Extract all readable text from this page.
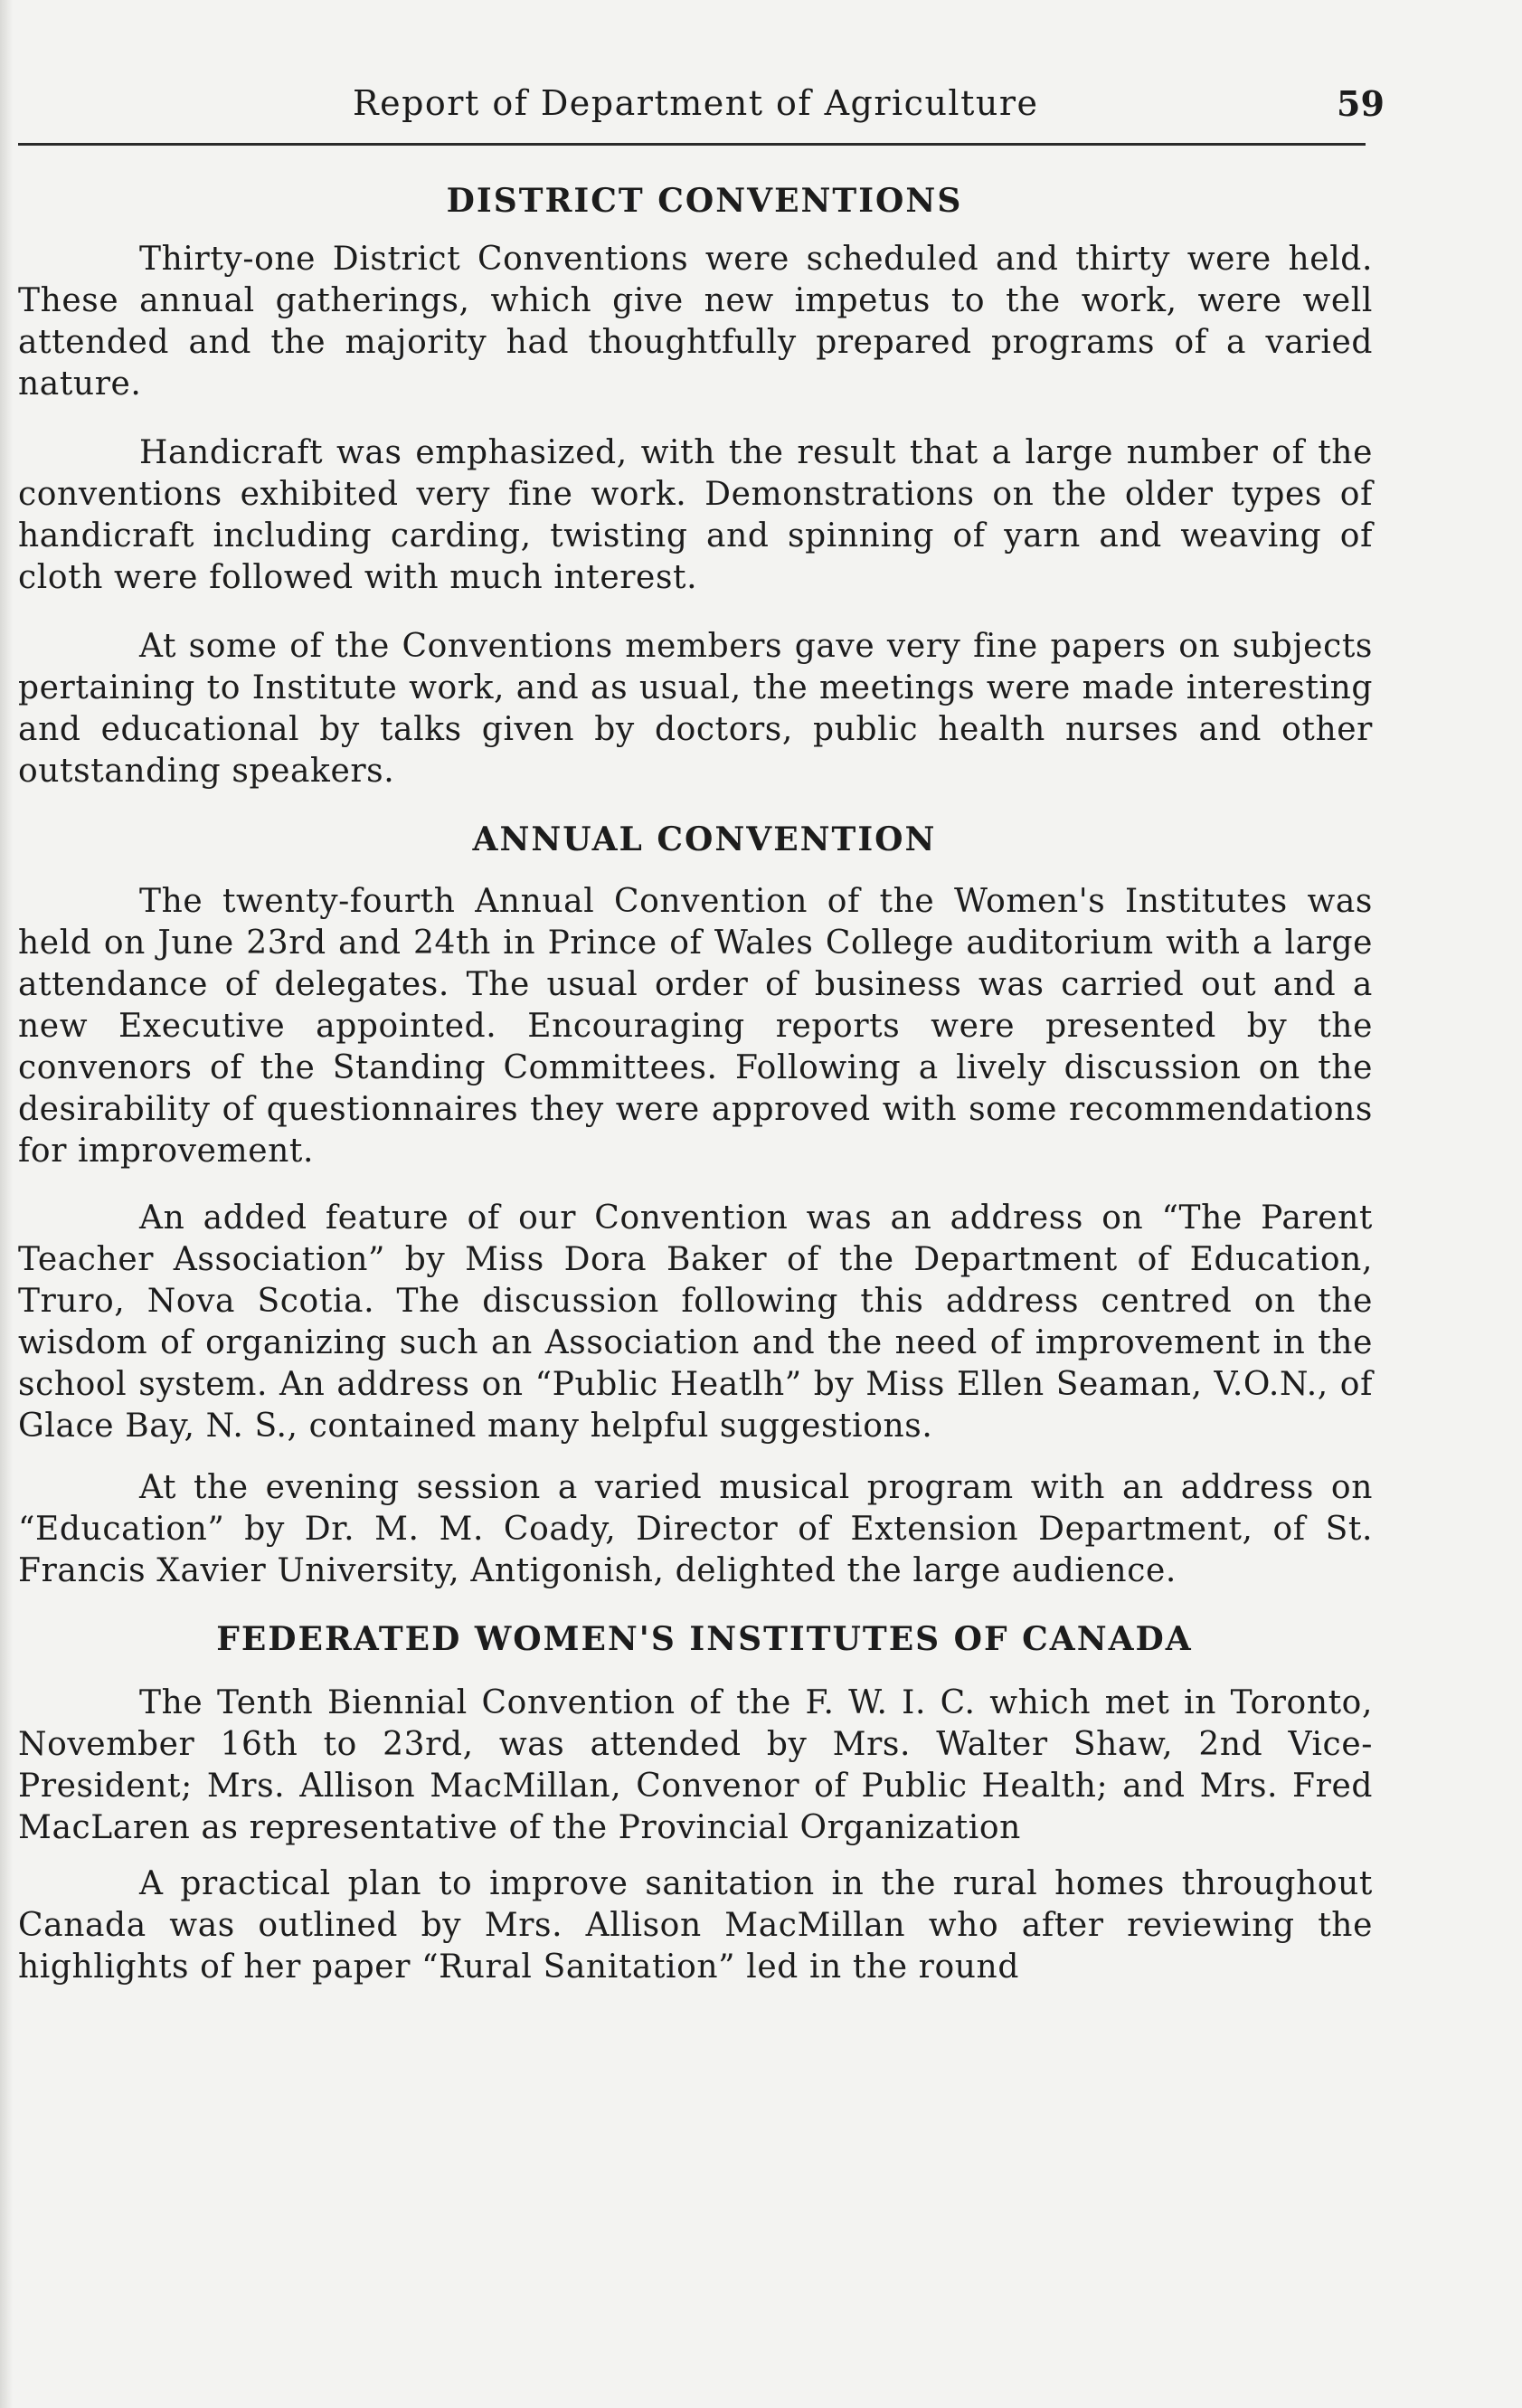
Report of Department of Agriculture	59
DISTRICT CONVENTIONS

Thirty-one District Conventions were scheduled and thirty were held. These annual gatherings, which give new impetus to the work, were well attended and the majority had thoughtfully prepared programs of a varied nature.

Handicraft was emphasized, with the result that a large number of the conventions exhibited very fine work. Demonstrations on the older types of handicraft including carding, twisting and spinning of yarn and weaving of cloth were followed with much interest.

At some of the Conventions members gave very fine papers on subjects pertaining to Institute work, and as usual, the meetings were made interesting and educational by talks given by doctors, public health nurses and other outstanding speakers.

ANNUAL CONVENTION

The twenty-fourth Annual Convention of the Women's Institutes was held on June 23rd and 24th in Prince of Wales College auditorium with a large attendance of delegates. The usual order of business was carried out and a new Executive appointed. Encouraging reports were presented by the convenors of the Standing Committees. Following a lively discussion on the desirability of questionnaires they were approved with some recommendations for improvement.

An added feature of our Convention was an address on “The Parent Teacher Association” by Miss Dora Baker of the Department of Education, Truro, Nova Scotia. The discussion following this address centred on the wisdom of organizing such an Association and the need of improvement in the school system. An address on “Public Heatlh” by Miss Ellen Seaman, V.O.N., of Glace Bay, N. S., contained many helpful suggestions.

At the evening session a varied musical program with an address on “Education” by Dr. M. M. Coady, Director of Extension Department, of St. Francis Xavier University, Antigonish, delighted the large audience.

FEDERATED WOMEN'S INSTITUTES OF CANADA

The Tenth Biennial Convention of the F. W. I. C. which met in Toronto, November 16th to 23rd, was attended by Mrs. Walter Shaw, 2nd Vice-President; Mrs. Allison MacMillan, Convenor of Public Health; and Mrs. Fred MacLaren as representative of the Provincial Organization

A practical plan to improve sanitation in the rural homes throughout Canada was outlined by Mrs. Allison MacMillan who after reviewing the highlights of her paper “Rural Sanitation” led in the round
